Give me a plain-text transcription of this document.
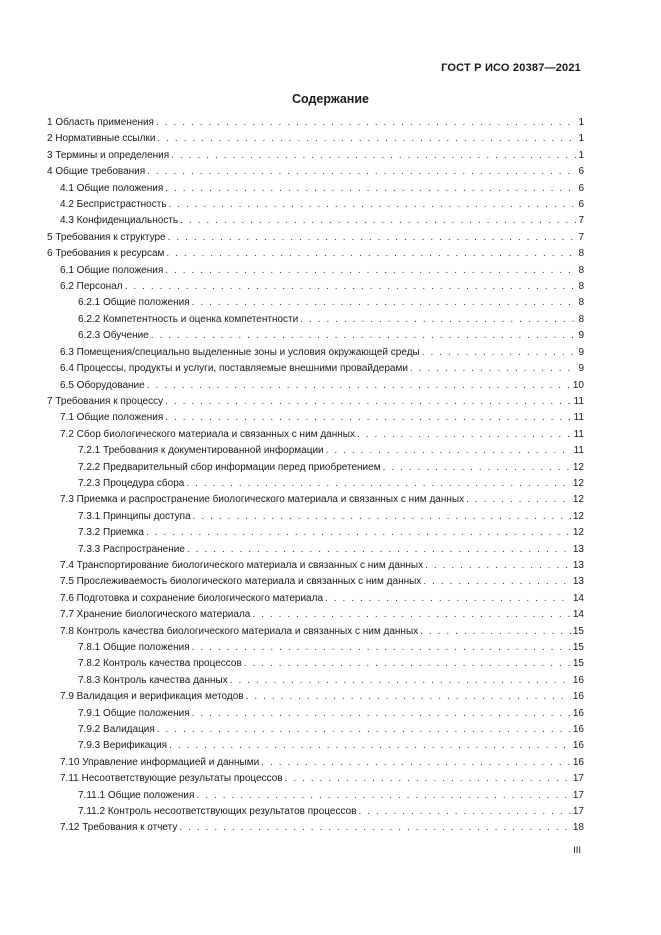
ГОСТ Р ИСО 20387—2021
Содержание
1 Область применения . . .	1
2 Нормативные ссылки . . .	1
3 Термины и определения . . .	1
4 Общие требования . . .	6
4.1 Общие положения . . .	6
4.2 Беспристрастность . . .	6
4.3 Конфиденциальность . . .	7
5 Требования к структуре . . .	7
6 Требования к ресурсам . . .	8
6.1 Общие положения . . .	8
6.2 Персонал . . .	8
6.2.1 Общие положения . . .	8
6.2.2 Компетентность и оценка компетентности . . .	8
6.2.3 Обучение . . .	9
6.3 Помещения/специально выделенные зоны и условия окружающей среды . . .	9
6.4 Процессы, продукты и услуги, поставляемые внешними провайдерами . . .	9
6.5 Оборудование . . .	10
7 Требования к процессу . . .	11
7.1 Общие положения . . .	11
7.2 Сбор биологического материала и связанных с ним данных . . .	11
7.2.1 Требования к документированной информации . . .	11
7.2.2 Предварительный сбор информации перед приобретением . . .	12
7.2.3 Процедура сбора . . .	12
7.3 Приемка и распространение биологического материала и связанных с ним данных . . .	12
7.3.1 Принципы доступа . . .	12
7.3.2 Приемка . . .	12
7.3.3 Распространение . . .	13
7.4 Транспортирование биологического материала и связанных с ним данных . . .	13
7.5 Прослеживаемость биологического материала и связанных с ним данных . . .	13
7.6 Подготовка и сохранение биологического материала . . .	14
7.7 Хранение биологического материала . . .	14
7.8 Контроль качества биологического материала и связанных с ним данных . . .	15
7.8.1 Общие положения . . .	15
7.8.2 Контроль качества процессов . . .	15
7.8.3 Контроль качества данных . . .	16
7.9 Валидация и верификация методов . . .	16
7.9.1 Общие положения . . .	16
7.9.2 Валидация . . .	16
7.9.3 Верификация . . .	16
7.10 Управление информацией и данными . . .	16
7.11 Несоответствующие результаты процессов . . .	17
7.11.1 Общие положения . . .	17
7.11.2 Контроль несоответствующих результатов процессов . . .	17
7.12 Требования к отчету . . .	18
III
